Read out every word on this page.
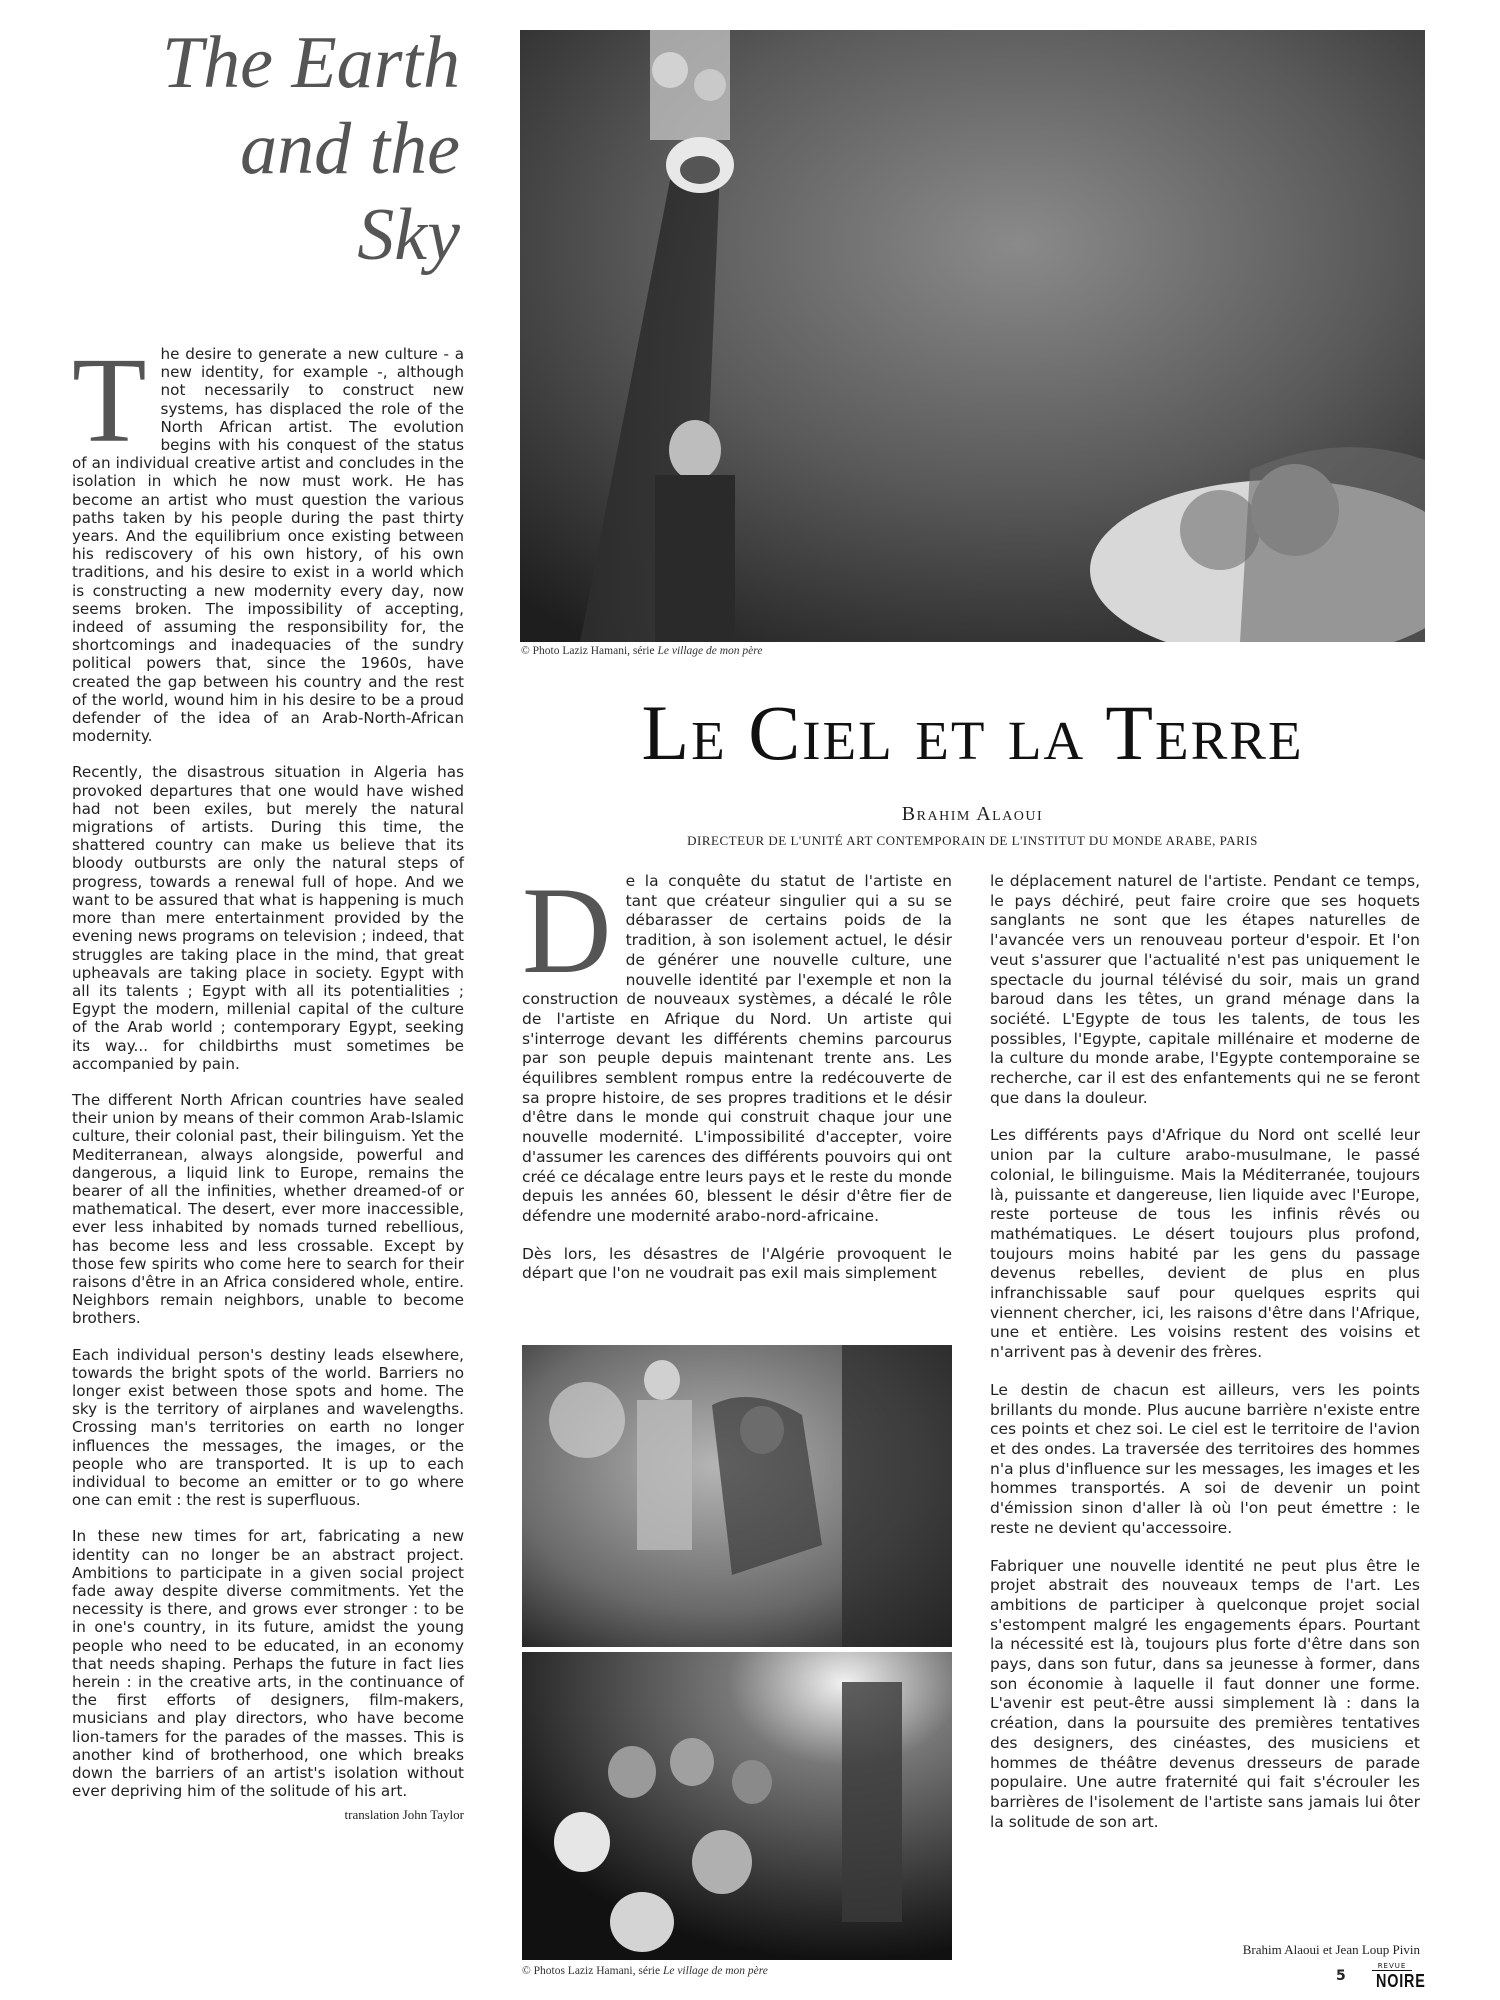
The Earth
and the
Sky

The desire to generate a new culture - a new identity, for example -, although not necessarily to construct new systems, has displaced the role of the North African artist. The evolution begins with his conquest of the status of an individual creative artist and concludes in the isolation in which he now must work. He has become an artist who must question the various paths taken by his people during the past thirty years. And the equilibrium once existing between his rediscovery of his own history, of his own traditions, and his desire to exist in a world which is constructing a new modernity every day, now seems broken. The impossibility of accepting, indeed of assuming the responsibility for, the shortcomings and inadequacies of the sundry political powers that, since the 1960s, have created the gap between his country and the rest of the world, wound him in his desire to be a proud defender of the idea of an Arab-North-African modernity.

Recently, the disastrous situation in Algeria has provoked departures that one would have wished had not been exiles, but merely the natural migrations of artists. During this time, the shattered country can make us believe that its bloody outbursts are only the natural steps of progress, towards a renewal full of hope. And we want to be assured that what is happening is much more than mere entertainment provided by the evening news programs on television ; indeed, that struggles are taking place in the mind, that great upheavals are taking place in society. Egypt with all its talents ; Egypt with all its potentialities ; Egypt the modern, millenial capital of the culture of the Arab world ; contemporary Egypt, seeking its way... for childbirths must sometimes be accompanied by pain.

The different North African countries have sealed their union by means of their common Arab-Islamic culture, their colonial past, their bilinguism. Yet the Mediterranean, always alongside, powerful and dangerous, a liquid link to Europe, remains the bearer of all the infinities, whether dreamed-of or mathematical. The desert, ever more inaccessible, ever less inhabited by nomads turned rebellious, has become less and less crossable. Except by those few spirits who come here to search for their raisons d'être in an Africa considered whole, entire. Neighbors remain neighbors, unable to become brothers.

Each individual person's destiny leads elsewhere, towards the bright spots of the world. Barriers no longer exist between those spots and home. The sky is the territory of airplanes and wavelengths. Crossing man's territories on earth no longer influences the messages, the images, or the people who are transported. It is up to each individual to become an emitter or to go where one can emit : the rest is superfluous.

In these new times for art, fabricating a new identity can no longer be an abstract project. Ambitions to participate in a given social project fade away despite diverse commitments. Yet the necessity is there, and grows ever stronger : to be in one's country, in its future, amidst the young people who need to be educated, in an economy that needs shaping. Perhaps the future in fact lies herein : in the creative arts, in the continuance of the first efforts of designers, film-makers, musicians and play directors, who have become lion-tamers for the parades of the masses. This is another kind of brotherhood, one which breaks down the barriers of an artist's isolation without ever depriving him of the solitude of his art.

translation John Taylor
© Photo Laziz Hamani, série Le village de mon père
Le Ciel et la Terre
Brahim Alaoui
DIRECTEUR DE L'UNITÉ ART CONTEMPORAIN DE L'INSTITUT DU MONDE ARABE, PARIS

De la conquête du statut de l'artiste en tant que créateur singulier qui a su se débarasser de certains poids de la tradition, à son isolement actuel, le désir de générer une nouvelle culture, une nouvelle identité par l'exemple et non la construction de nouveaux systèmes, a décalé le rôle de l'artiste en Afrique du Nord. Un artiste qui s'interroge devant les différents chemins parcourus par son peuple depuis maintenant trente ans. Les équilibres semblent rompus entre la redécouverte de sa propre histoire, de ses propres traditions et le désir d'être dans le monde qui construit chaque jour une nouvelle modernité. L'impossibilité d'accepter, voire d'assumer les carences des différents pouvoirs qui ont créé ce décalage entre leurs pays et le reste du monde depuis les années 60, blessent le désir d'être fier de défendre une modernité arabo-nord-africaine.

Dès lors, les désastres de l'Algérie provoquent le départ que l'on ne voudrait pas exil mais simplement

© Photos Laziz Hamani, série Le village de mon père

le déplacement naturel de l'artiste. Pendant ce temps, le pays déchiré, peut faire croire que ses hoquets sanglants ne sont que les étapes naturelles de l'avancée vers un renouveau porteur d'espoir. Et l'on veut s'assurer que l'actualité n'est pas uniquement le spectacle du journal télévisé du soir, mais un grand baroud dans les têtes, un grand ménage dans la société. L'Egypte de tous les talents, de tous les possibles, l'Egypte, capitale millénaire et moderne de la culture du monde arabe, l'Egypte contemporaine se recherche, car il est des enfantements qui ne se feront que dans la douleur.

Les différents pays d'Afrique du Nord ont scellé leur union par la culture arabo-musulmane, le passé colonial, le bilinguisme. Mais la Méditerranée, toujours là, puissante et dangereuse, lien liquide avec l'Europe, reste porteuse de tous les infinis rêvés ou mathématiques. Le désert toujours plus profond, toujours moins habité par les gens du passage devenus rebelles, devient de plus en plus infranchissable sauf pour quelques esprits qui viennent chercher, ici, les raisons d'être dans l'Afrique, une et entière. Les voisins restent des voisins et n'arrivent pas à devenir des frères.

Le destin de chacun est ailleurs, vers les points brillants du monde. Plus aucune barrière n'existe entre ces points et chez soi. Le ciel est le territoire de l'avion et des ondes. La traversée des territoires des hommes n'a plus d'influence sur les messages, les images et les hommes transportés. A soi de devenir un point d'émission sinon d'aller là où l'on peut émettre : le reste ne devient qu'accessoire.

Fabriquer une nouvelle identité ne peut plus être le projet abstrait des nouveaux temps de l'art. Les ambitions de participer à quelconque projet social s'estompent malgré les engagements épars. Pourtant la nécessité est là, toujours plus forte d'être dans son pays, dans son futur, dans sa jeunesse à former, dans son économie à laquelle il faut donner une forme. L'avenir est peut-être aussi simplement là : dans la création, dans la poursuite des premières tentatives des designers, des cinéastes, des musiciens et hommes de théâtre devenus dresseurs de parade populaire. Une autre fraternité qui fait s'écrouler les barrières de l'isolement de l'artiste sans jamais lui ôter la solitude de son art.

Brahim Alaoui et Jean Loup Pivin
5
REVUE
NOIRE
